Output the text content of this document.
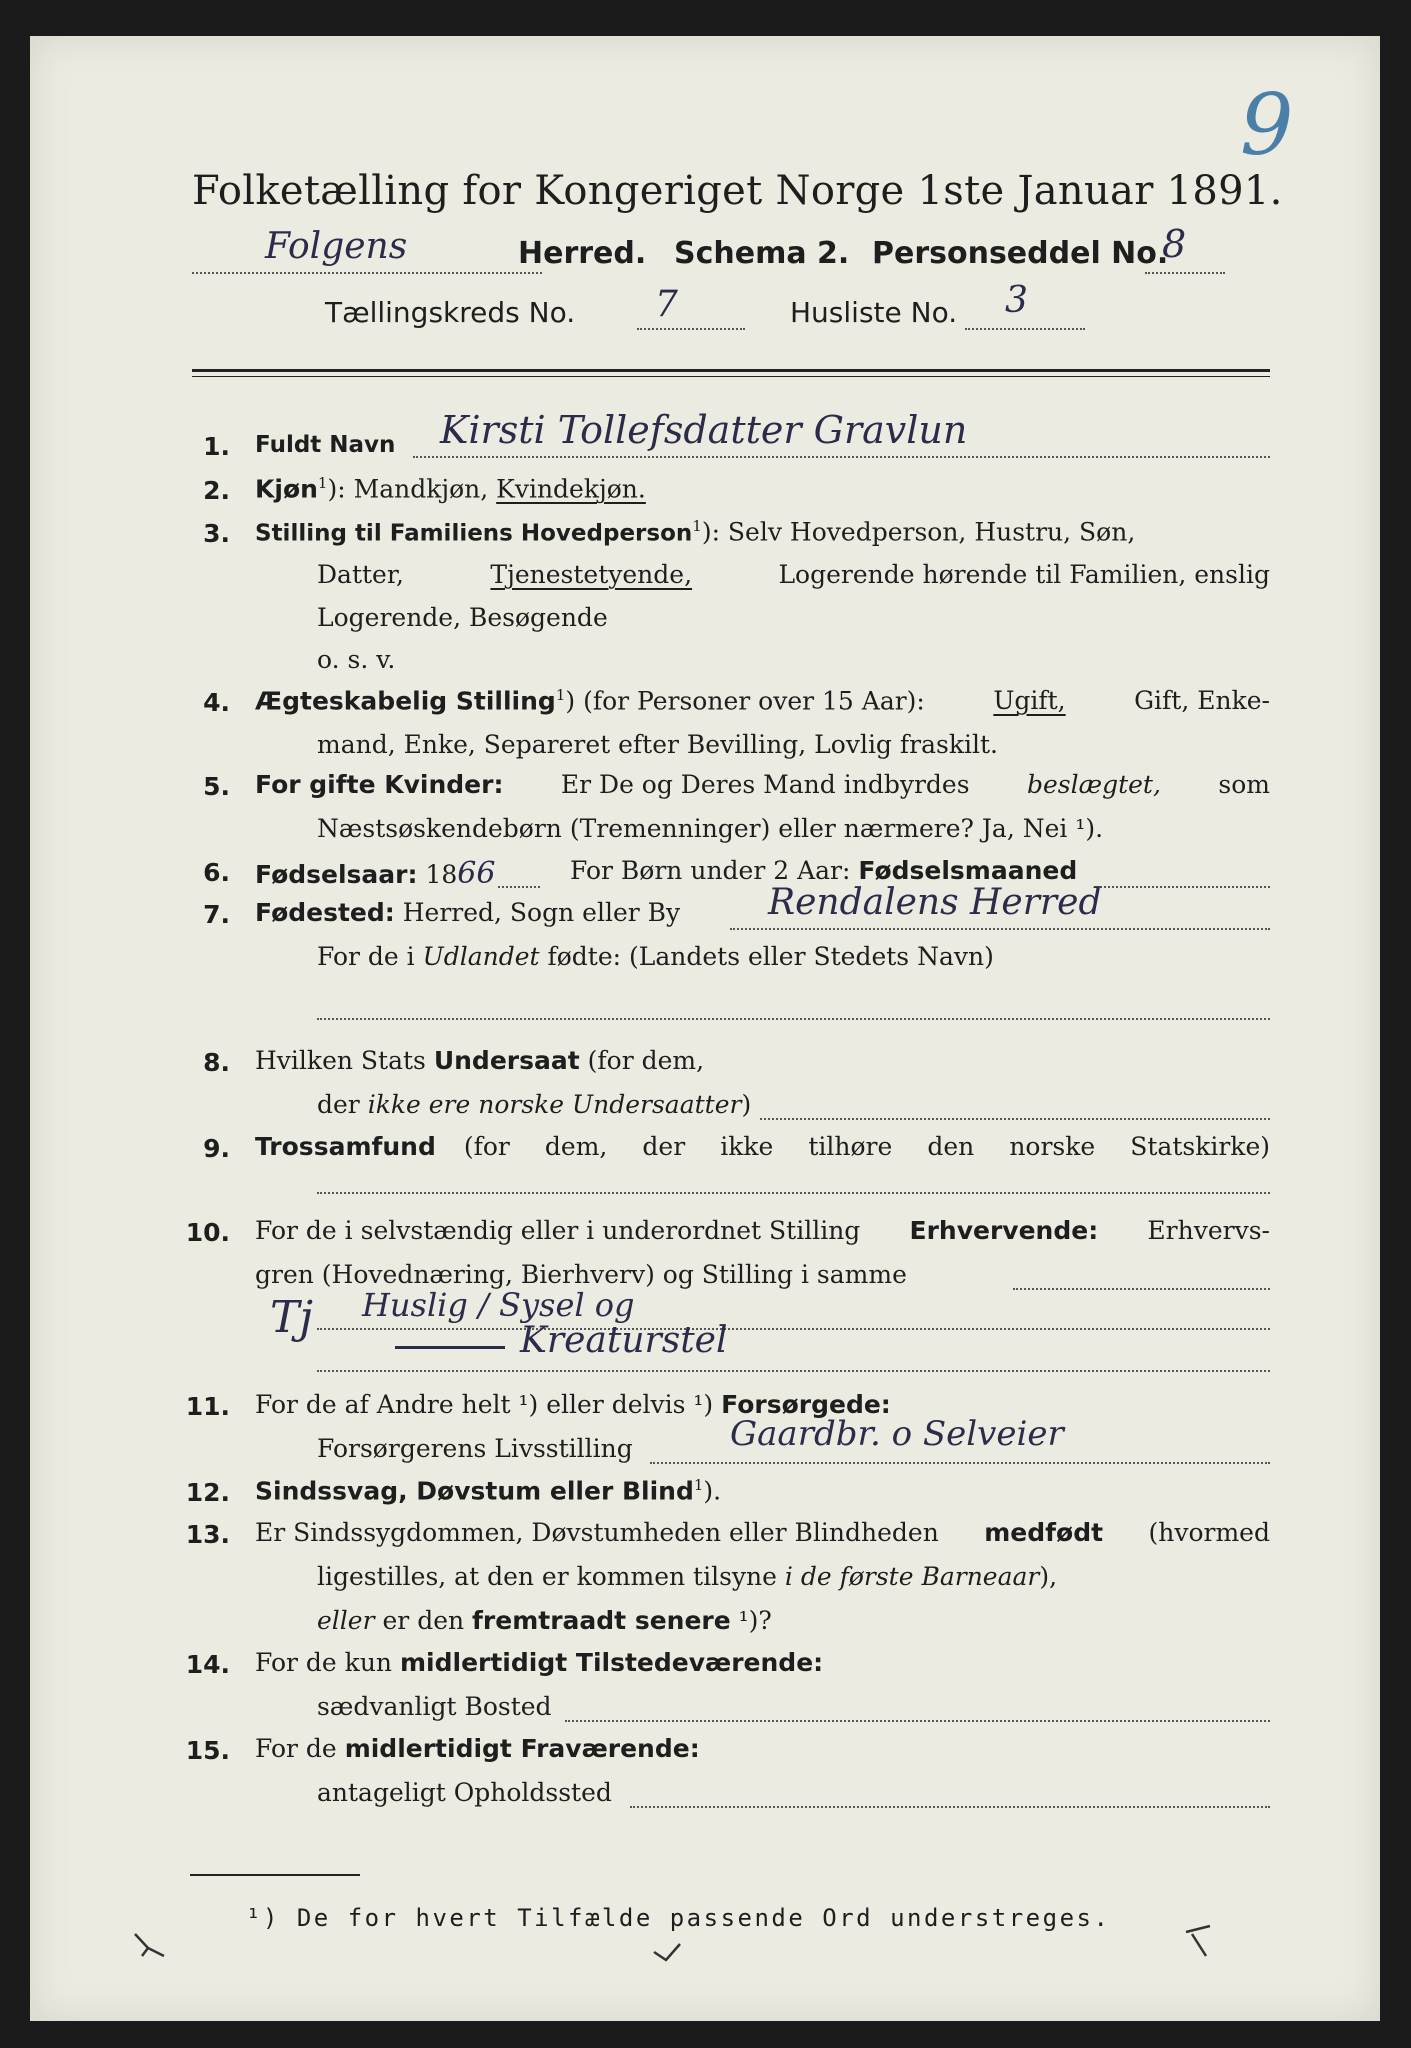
9
Folketælling for Kongeriget Norge 1ste Januar 1891.
Folgens	Herred. Schema 2. Personseddel No.
8
Tællingskreds No. 7	Husliste No. 3
1. Fuldt Navn Kirsti Tollefsdatter Gravlun
2. Kjøn$^1$): Mandkjøn, Kvindekjøn.
3. Stilling til Familiens Hovedperson$^1$): Selv Hovedperson, Hustru, Søn,
Datter,	Tjenestetyende,	Logerende hørende til Familien, enslig
Logerende, Besøgende
o. s. v.
4. Ægteskabelig Stilling$^1$) (for Personer over 15 Aar):	Ugift,	Gift, Enke-
mand, Enke, Separeret efter Bevilling, Lovlig fraskilt.
5. For gifte Kvinder: Er De og Deres Mand indbyrdes beslægtet, som
Næstsøskendebørn (Tremenninger) eller nærmere? Ja, Nei ¹).
6. Fødselsaar: 1866	For Børn under 2 Aar: Fødselsmaaned
7. Fødested: Herred, Sogn eller By Rendalens Herred
For de i Udlandet fødte: (Landets eller Stedets Navn)
8. Hvilken Stats Undersaat (for dem,
der ikke ere norske Undersaatter)
9. Trossamfund (for dem, der ikke tilhøre den norske Statskirke)
10. For de i selvstændig eller i underordnet Stilling Erhvervende: Erhvervs-
gren (Hovednæring, Bierhverv) og Stilling i samme
Tj Huslig / Sysel og
Kreaturstel
11. For de af Andre helt ¹) eller delvis ¹) Forsørgede:
Forsørgerens Livsstilling	Gaardbr. o Selveier
12. Sindssvag, Døvstum eller Blind$^1$).
13. Er Sindssygdommen, Døvstumheden eller Blindheden medfødt (hvormed
ligestilles, at den er kommen tilsyne i de første Barneaar),
eller er den fremtraadt senere ¹)?
14. For de kun midlertidigt Tilstedeværende:
sædvanligt Bosted
15. For de midlertidigt Fraværende:
antageligt Opholdssted
¹) De for hvert Tilfælde passende Ord understreges.
